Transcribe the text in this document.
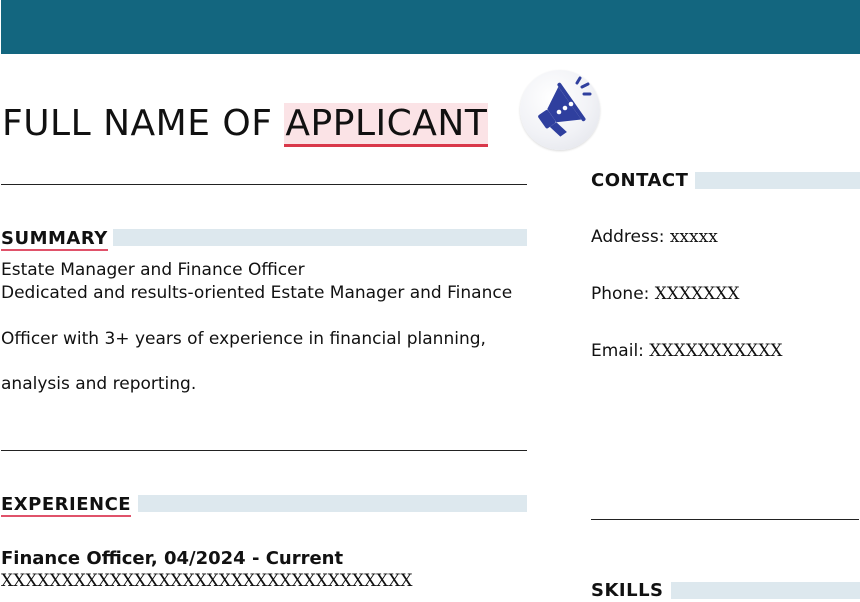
FULL NAME OF APPLICANT
SUMMARY
Estate Manager and Finance Officer
Dedicated and results-oriented Estate Manager and Finance
Officer with 3+ years of experience in financial planning,
analysis and reporting.
EXPERIENCE
Finance Officer, 04/2024 - Current
XXXXXXXXXXXXXXXXXXXXXXXXXXXXXXXXXX
CONTACT
Address: xxxxx
Phone: XXXXXXX
Email: XXXXXXXXXXX
SKILLS
